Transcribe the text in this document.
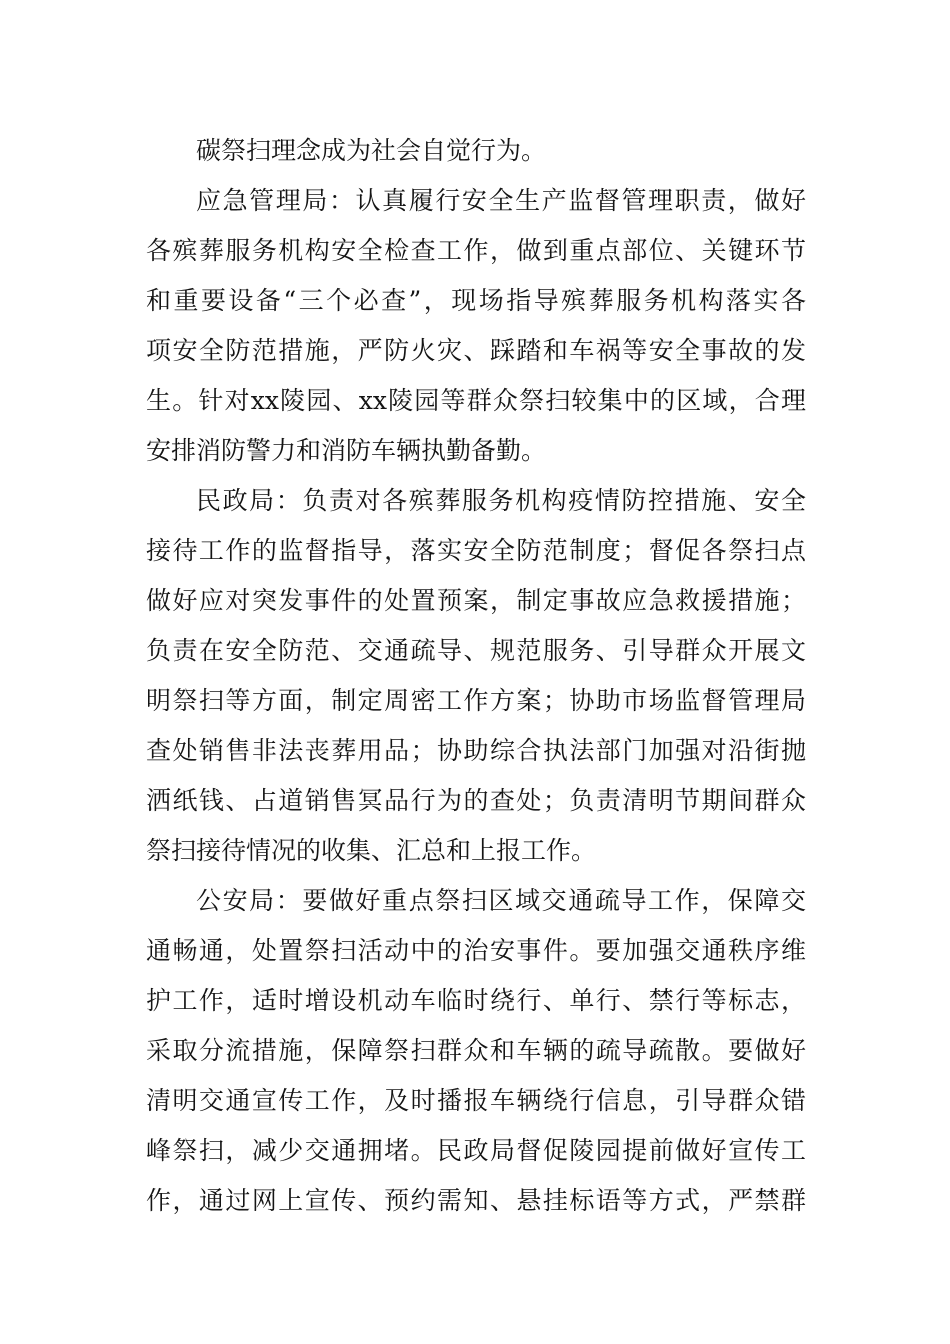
碳祭扫理念成为社会自觉行为。
应急管理局：认真履行安全生产监督管理职责，做好
各殡葬服务机构安全检查工作，做到重点部位、关键环节
和重要设备“三个必查”，现场指导殡葬服务机构落实各
项安全防范措施，严防火灾、踩踏和车祸等安全事故的发
生。针对xx陵园、xx陵园等群众祭扫较集中的区域，合理
安排消防警力和消防车辆执勤备勤。
民政局：负责对各殡葬服务机构疫情防控措施、安全
接待工作的监督指导，落实安全防范制度；督促各祭扫点
做好应对突发事件的处置预案，制定事故应急救援措施；
负责在安全防范、交通疏导、规范服务、引导群众开展文
明祭扫等方面，制定周密工作方案；协助市场监督管理局
查处销售非法丧葬用品；协助综合执法部门加强对沿街抛
洒纸钱、占道销售冥品行为的查处；负责清明节期间群众
祭扫接待情况的收集、汇总和上报工作。
公安局：要做好重点祭扫区域交通疏导工作，保障交
通畅通，处置祭扫活动中的治安事件。要加强交通秩序维
护工作，适时增设机动车临时绕行、单行、禁行等标志，
采取分流措施，保障祭扫群众和车辆的疏导疏散。要做好
清明交通宣传工作，及时播报车辆绕行信息，引导群众错
峰祭扫，减少交通拥堵。民政局督促陵园提前做好宣传工
作，通过网上宣传、预约需知、悬挂标语等方式，严禁群
